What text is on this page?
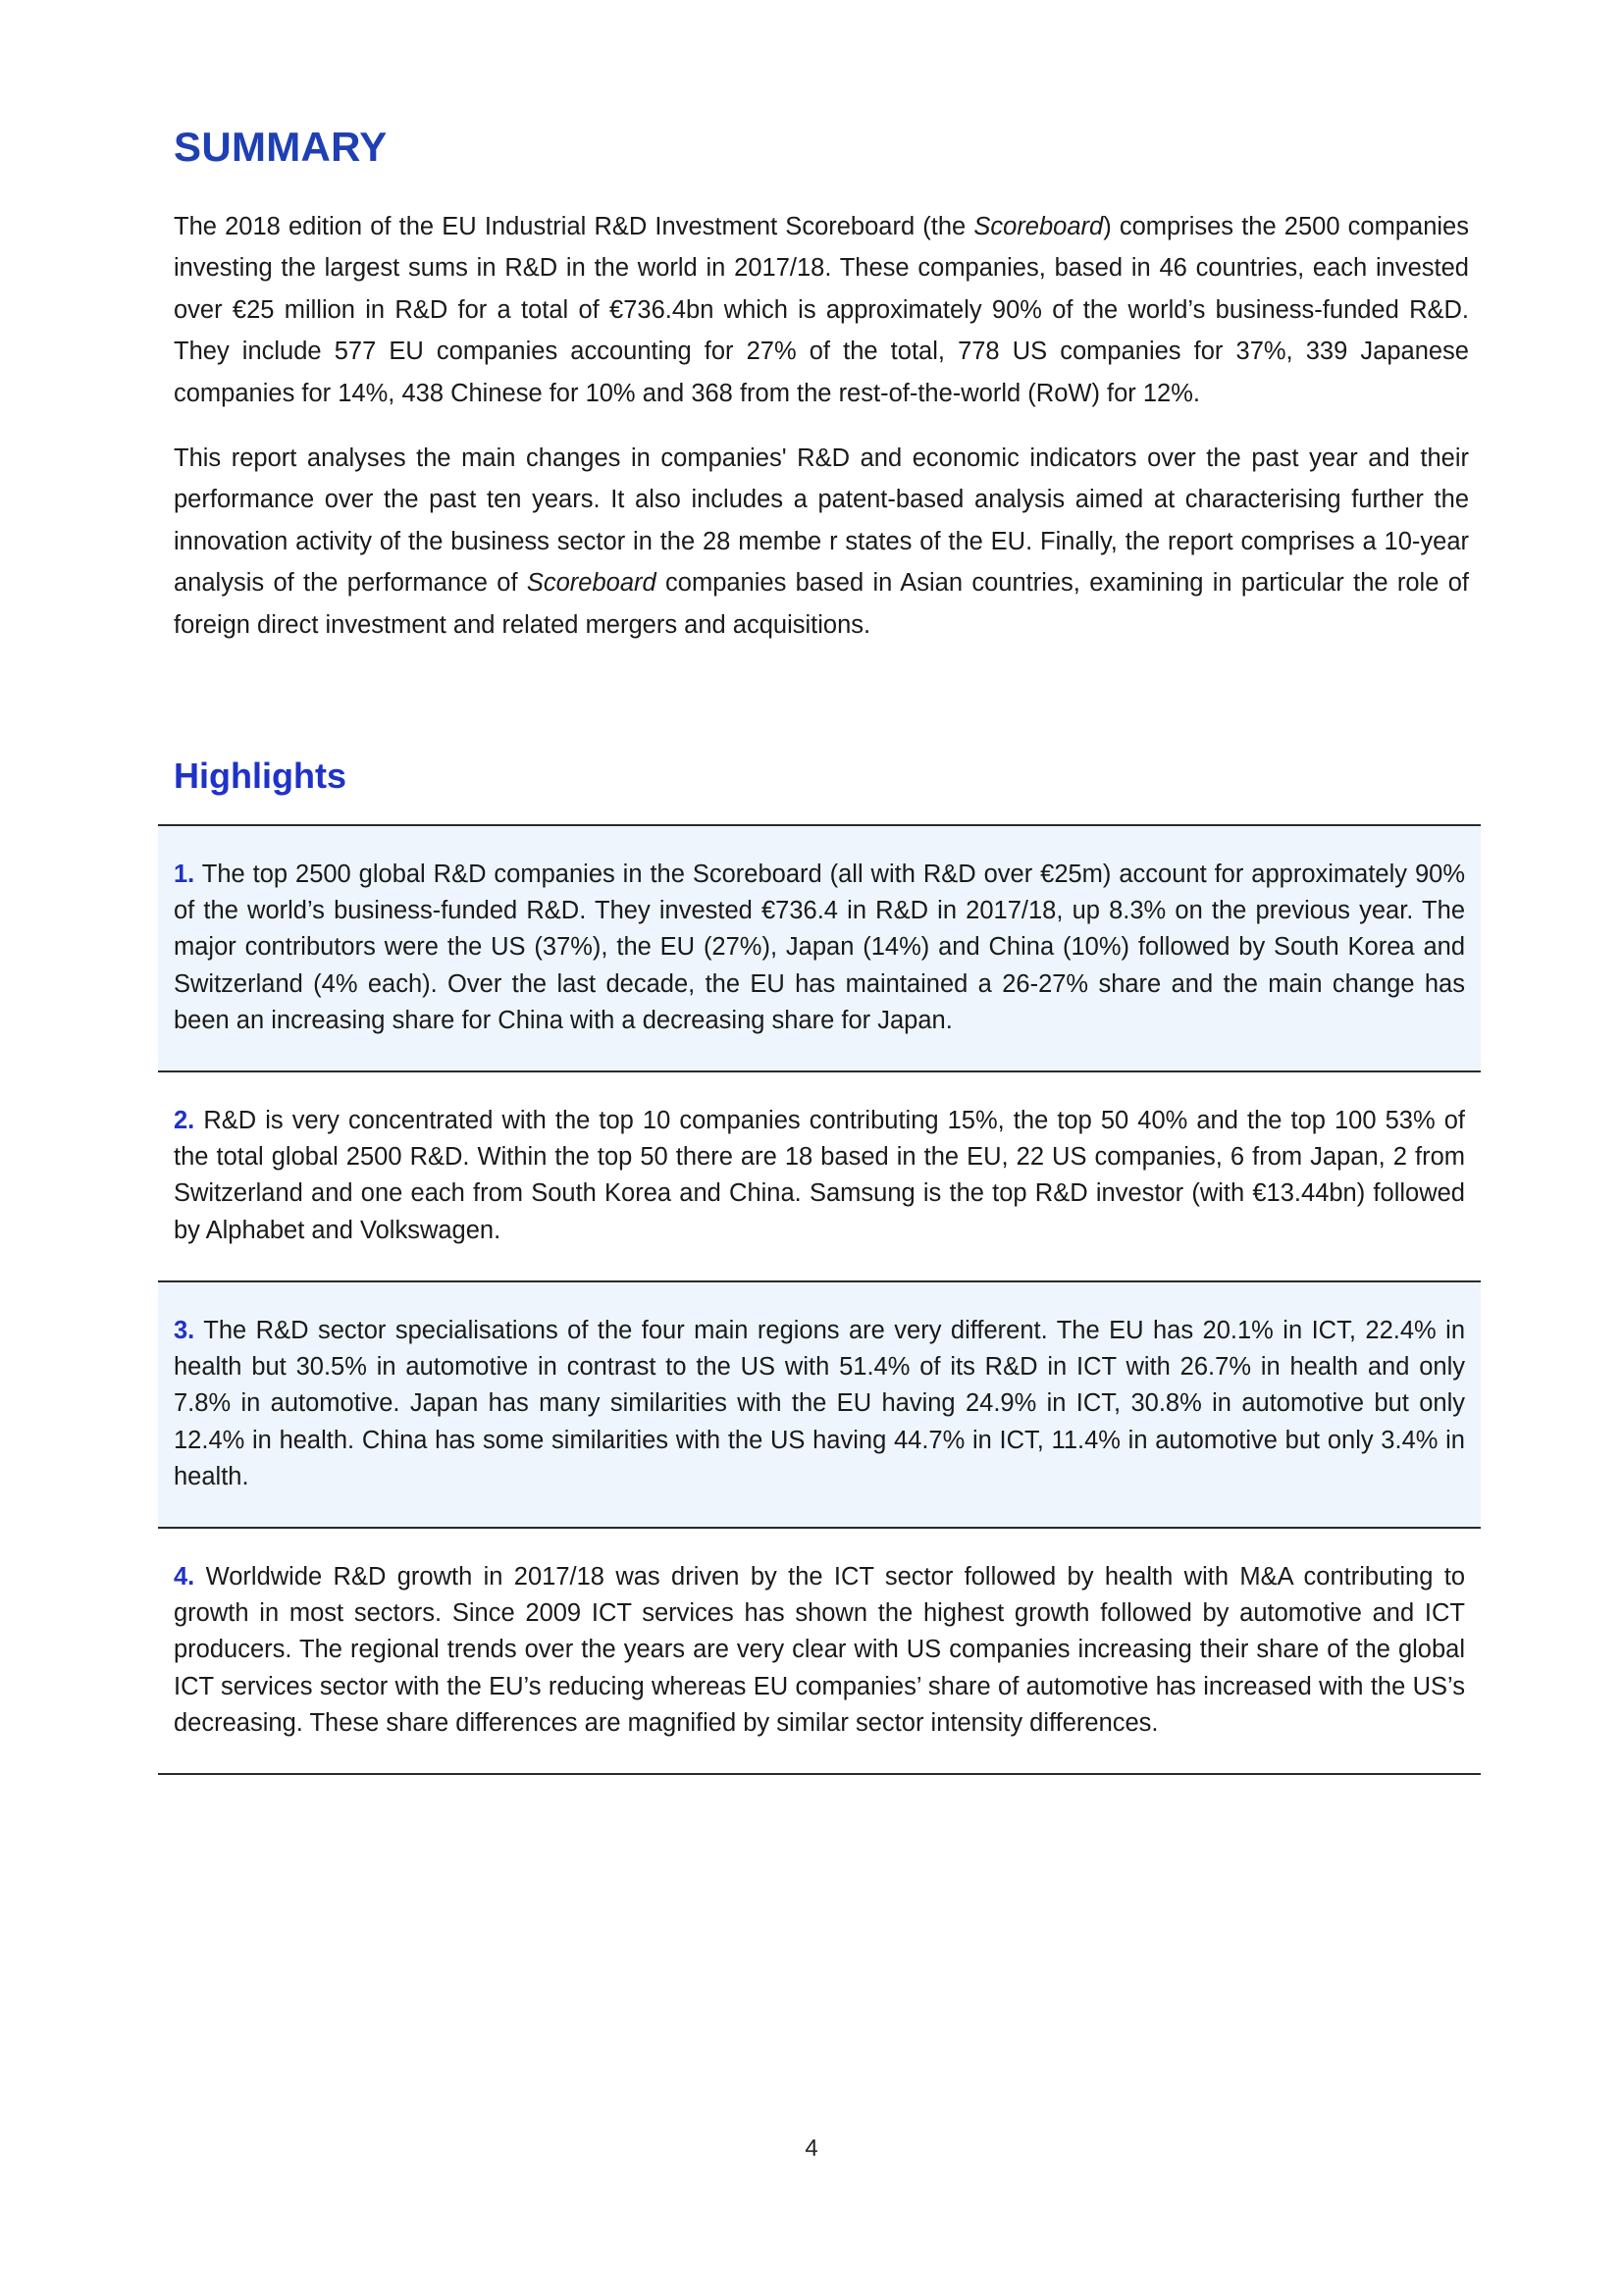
SUMMARY

The 2018 edition of the EU Industrial R&D Investment Scoreboard (the Scoreboard) comprises the 2500 companies investing the largest sums in R&D in the world in 2017/18. These companies, based in 46 countries, each invested over €25 million in R&D for a total of €736.4bn which is approximately 90% of the world’s business-funded R&D. They include 577 EU companies accounting for 27% of the total, 778 US companies for 37%, 339 Japanese companies for 14%, 438 Chinese for 10% and 368 from the rest-of-the-world (RoW) for 12%.

This report analyses the main changes in companies' R&D and economic indicators over the past year and their performance over the past ten years. It also includes a patent-based analysis aimed at characterising further the innovation activity of the business sector in the 28 membe r states of the EU. Finally, the report comprises a 10-year analysis of the performance of Scoreboard companies based in Asian countries, examining in particular the role of foreign direct investment and related mergers and acquisitions.

Highlights

1. The top 2500 global R&D companies in the Scoreboard (all with R&D over €25m) account for approximately 90% of the world’s business-funded R&D. They invested €736.4 in R&D in 2017/18, up 8.3% on the previous year. The major contributors were the US (37%), the EU (27%), Japan (14%) and China (10%) followed by South Korea and Switzerland (4% each). Over the last decade, the EU has maintained a 26-27% share and the main change has been an increasing share for China with a decreasing share for Japan.

2. R&D is very concentrated with the top 10 companies contributing 15%, the top 50 40% and the top 100 53% of the total global 2500 R&D. Within the top 50 there are 18 based in the EU, 22 US companies, 6 from Japan, 2 from Switzerland and one each from South Korea and China. Samsung is the top R&D investor (with €13.44bn) followed by Alphabet and Volkswagen.

3. The R&D sector specialisations of the four main regions are very different. The EU has 20.1% in ICT, 22.4% in health but 30.5% in automotive in contrast to the US with 51.4% of its R&D in ICT with 26.7% in health and only 7.8% in automotive. Japan has many similarities with the EU having 24.9% in ICT, 30.8% in automotive but only 12.4% in health. China has some similarities with the US having 44.7% in ICT, 11.4% in automotive but only 3.4% in health.

4. Worldwide R&D growth in 2017/18 was driven by the ICT sector followed by health with M&A contributing to growth in most sectors. Since 2009 ICT services has shown the highest growth followed by automotive and ICT producers. The regional trends over the years are very clear with US companies increasing their share of the global ICT services sector with the EU’s reducing whereas EU companies’ share of automotive has increased with the US’s decreasing. These share differences are magnified by similar sector intensity differences.

4
